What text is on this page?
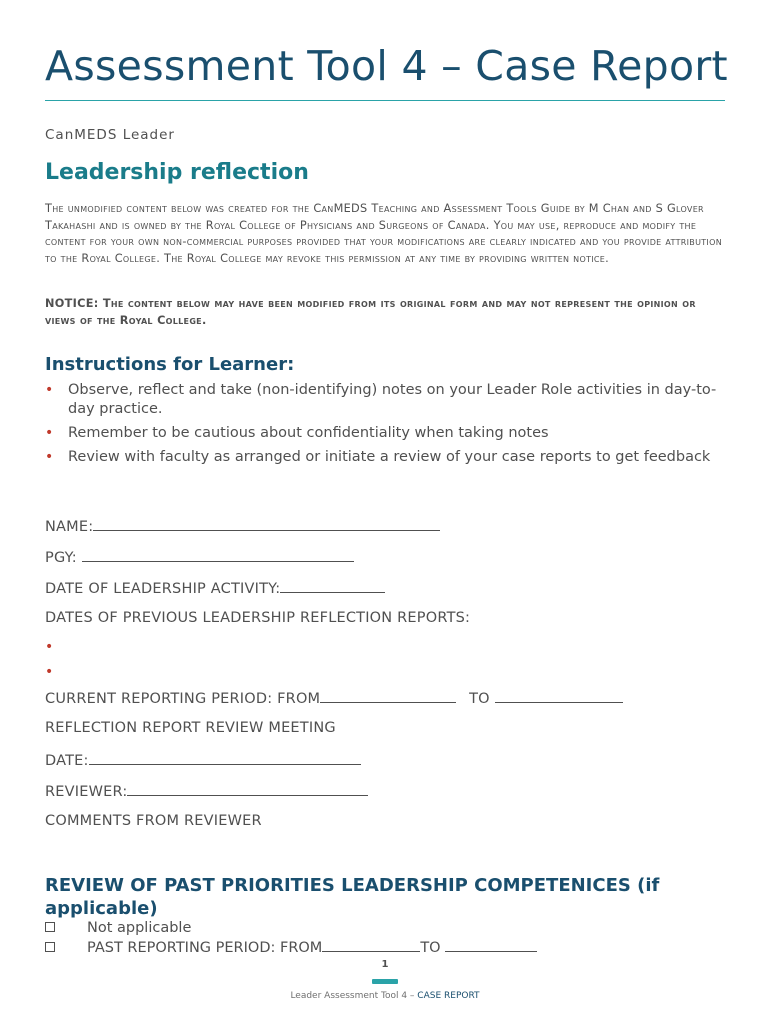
Assessment Tool 4 – Case Report
CanMEDS Leader
Leadership reflection

The unmodified content below was created for the CanMEDS Teaching and Assessment Tools Guide by M Chan and S Glover Takahashi and is owned by the Royal College of Physicians and Surgeons of Canada. You may use, reproduce and modify the content for your own non-commercial purposes provided that your modifications are clearly indicated and you provide attribution to the Royal College. The Royal College may revoke this permission at any time by providing written notice.

NOTICE: The content below may have been modified from its original form and may not represent the opinion or views of the Royal College.

Instructions for Learner:
• Observe, reflect and take (non-identifying) notes on your Leader Role activities in day-to-day practice.
• Remember to be cautious about confidentiality when taking notes
• Review with faculty as arranged or initiate a review of your case reports to get feedback
NAME:
PGY:
DATE OF LEADERSHIP ACTIVITY:
DATES OF PREVIOUS LEADERSHIP REFLECTION REPORTS:
•
•
CURRENT REPORTING PERIOD: FROM	TO
REFLECTION REPORT REVIEW MEETING
DATE:
REVIEWER:
COMMENTS FROM REVIEWER
REVIEW OF PAST PRIORITIES LEADERSHIP COMPETENICES (if applicable)
Not applicable
PAST REPORTING PERIOD: FROM	TO
1
Leader Assessment Tool 4 – CASE REPORT
